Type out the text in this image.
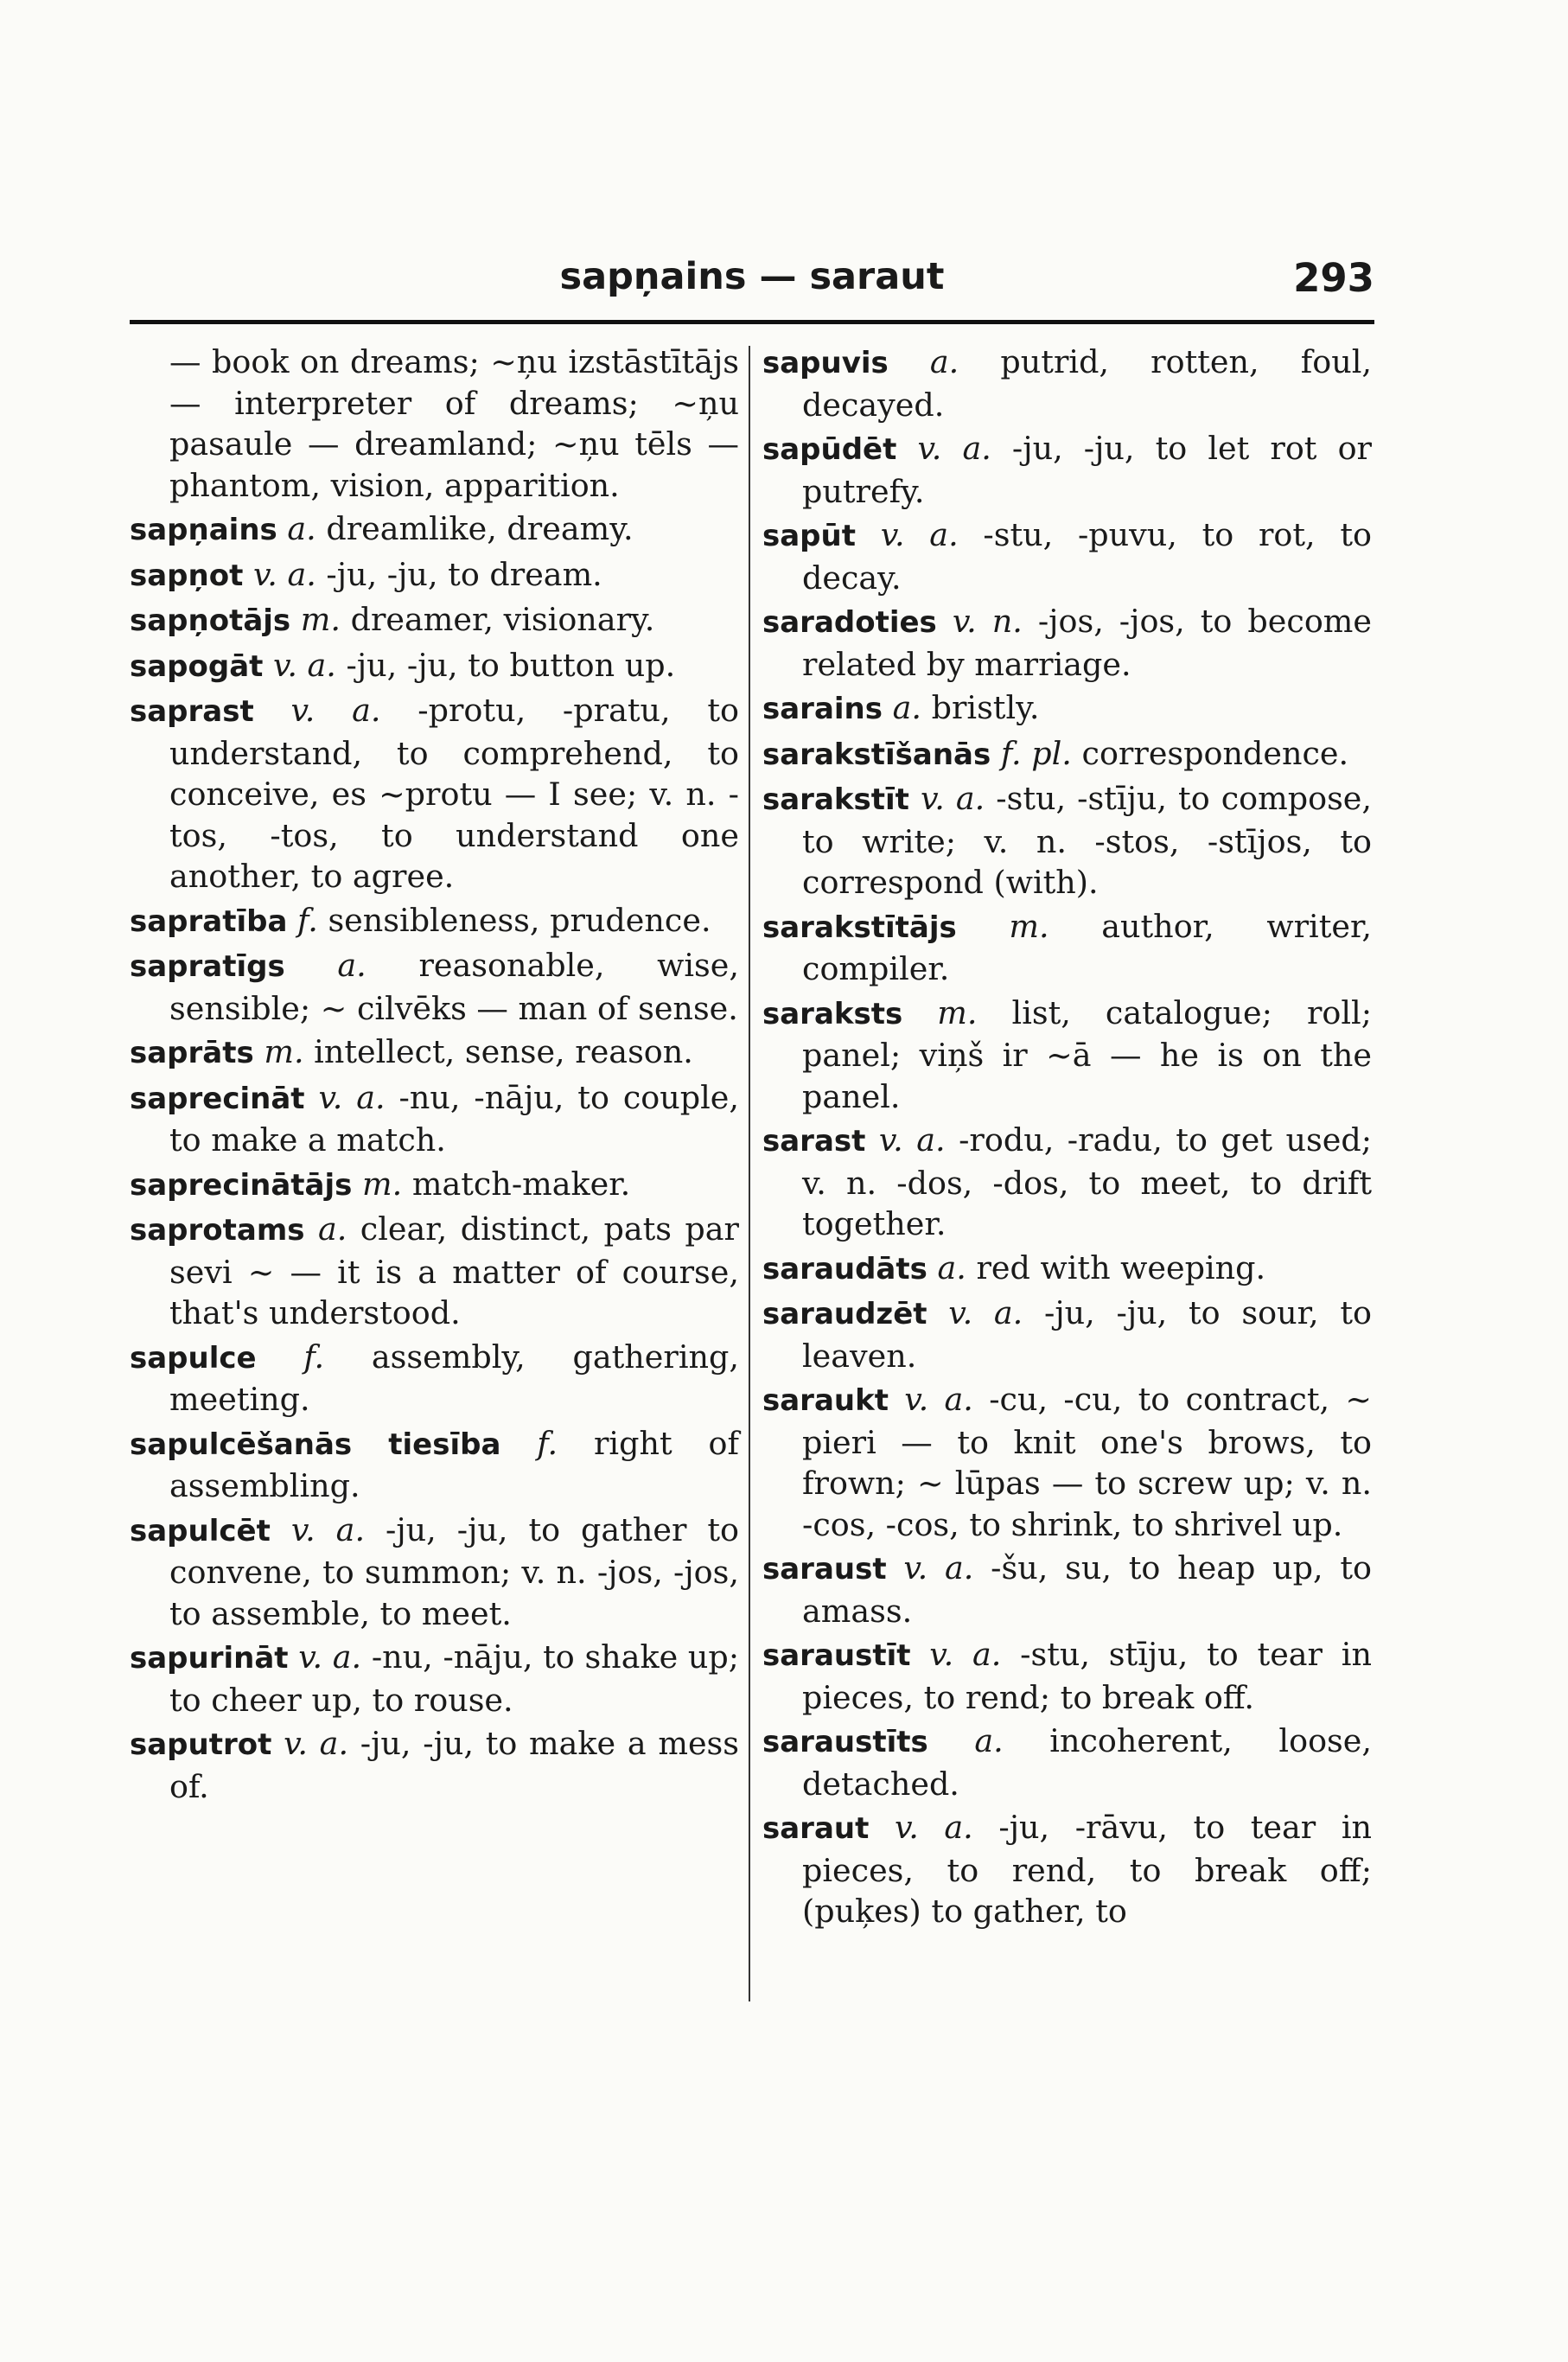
sapņains — saraut	293

— book on dreams; ~ņu izstāstītājs — interpreter of dreams; ~ņu pasaule — dreamland; ~ņu tēls — phantom, vision, apparition.

sapņains a. dreamlike, dreamy.

sapņot v. a. -ju, -ju, to dream.

sapņotājs m. dreamer, visionary.

sapogāt v. a. -ju, -ju, to button up.

saprast v. a. -protu, -pratu, to understand, to comprehend, to conceive, es ~protu — I see; v. n. -tos, -tos, to understand one another, to agree.

sapratība f. sensibleness, prudence.

sapratīgs a. reasonable, wise, sensible; ~ cilvēks — man of sense.

saprāts m. intellect, sense, reason.

saprecināt v. a. -nu, -nāju, to couple, to make a match.

saprecinātājs m. match-maker.

saprotams a. clear, distinct, pats par sevi ~ — it is a matter of course, that's understood.

sapulce f. assembly, gathering, meeting.

sapulcēšanās tiesība f. right of assembling.

sapulcēt v. a. -ju, -ju, to gather to convene, to summon; v. n. -jos, -jos, to assemble, to meet.

sapurināt v. a. -nu, -nāju, to shake up; to cheer up, to rouse.

saputrot v. a. -ju, -ju, to make a mess of.

sapuvis a. putrid, rotten, foul, decayed.

sapūdēt v. a. -ju, -ju, to let rot or putrefy.

sapūt v. a. -stu, -puvu, to rot, to decay.

saradoties v. n. -jos, -jos, to become related by marriage.

sarains a. bristly.

sarakstīšanās f. pl. correspondence.

sarakstīt v. a. -stu, -stīju, to compose, to write; v. n. -stos, -stījos, to correspond (with).

sarakstītājs m. author, writer, compiler.

saraksts m. list, catalogue; roll; panel; viņš ir ~ā — he is on the panel.

sarast v. a. -rodu, -radu, to get used; v. n. -dos, -dos, to meet, to drift together.

saraudāts a. red with weeping.

saraudzēt v. a. -ju, -ju, to sour, to leaven.

saraukt v. a. -cu, -cu, to contract, ~ pieri — to knit one's brows, to frown; ~ lūpas — to screw up; v. n. -cos, -cos, to shrink, to shrivel up.

saraust v. a. -šu, su, to heap up, to amass.

saraustīt v. a. -stu, stīju, to tear in pieces, to rend; to break off.

saraustīts a. incoherent, loose, detached.

saraut v. a. -ju, -rāvu, to tear in pieces, to rend, to break off; (puķes) to gather, to
